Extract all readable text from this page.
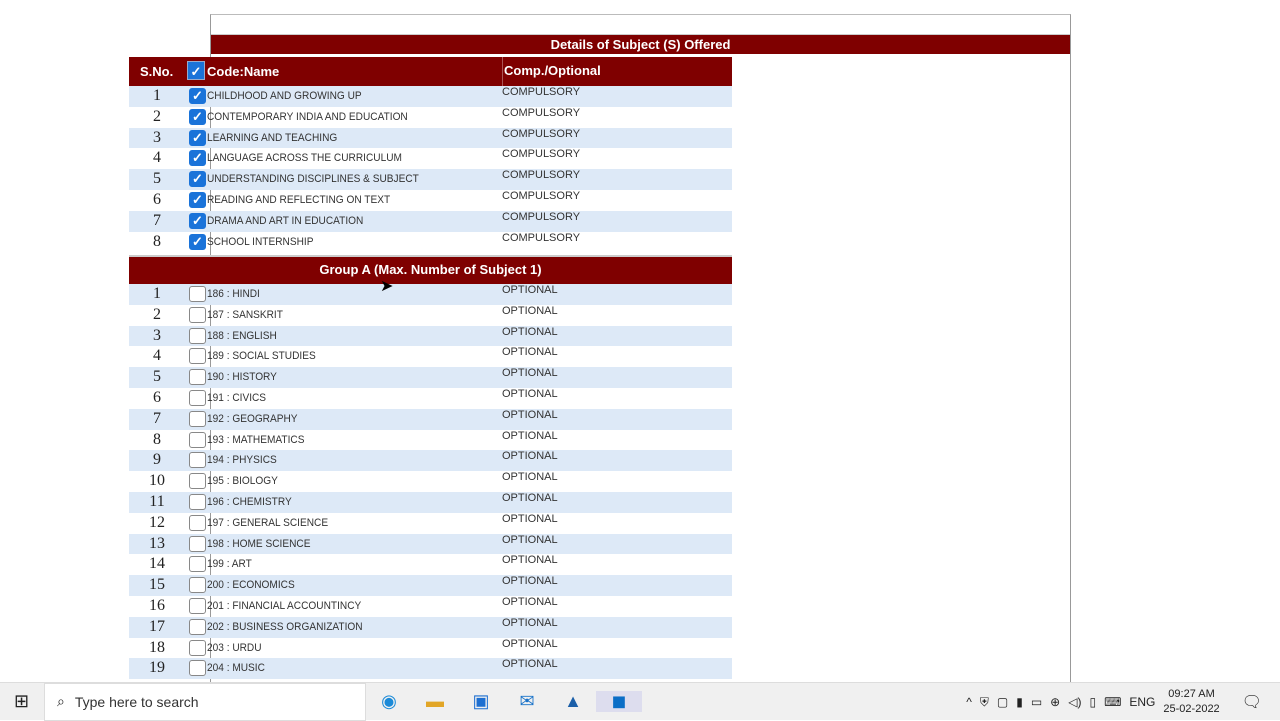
Details of Subject (S) Offered
S.No. ✓ Code:Name	Comp./Optional
1	✓ CHILDHOOD AND GROWING UP	COMPULSORY
2	✓ CONTEMPORARY INDIA AND EDUCATION	COMPULSORY
3	✓ LEARNING AND TEACHING	COMPULSORY
4	✓ LANGUAGE ACROSS THE CURRICULUM	COMPULSORY
5	✓ UNDERSTANDING DISCIPLINES & SUBJECT	COMPULSORY
6	✓ READING AND REFLECTING ON TEXT	COMPULSORY
7	✓ DRAMA AND ART IN EDUCATION	COMPULSORY
8	✓ SCHOOL INTERNSHIP	COMPULSORY
Group A (Max. Number of Subject 1)
1	186 : HINDI	OPTIONAL
2	187 : SANSKRIT	OPTIONAL
3	188 : ENGLISH	OPTIONAL
4	189 : SOCIAL STUDIES	OPTIONAL
5	190 : HISTORY	OPTIONAL
6	191 : CIVICS	OPTIONAL
7	192 : GEOGRAPHY	OPTIONAL
8	193 : MATHEMATICS	OPTIONAL
9	194 : PHYSICS	OPTIONAL
10	195 : BIOLOGY	OPTIONAL
11	196 : CHEMISTRY	OPTIONAL
12	197 : GENERAL SCIENCE	OPTIONAL
13	198 : HOME SCIENCE	OPTIONAL
14	199 : ART	OPTIONAL
15	200 : ECONOMICS	OPTIONAL
16	201 : FINANCIAL ACCOUNTINCY	OPTIONAL
17	202 : BUSINESS ORGANIZATION	OPTIONAL
18	203 : URDU	OPTIONAL
19	204 : MUSIC	OPTIONAL
➤
⊞ ⌕ Type here to search	◉	▬	▣	✉	▲	◼	^ ⛨ ▢ ▮ ▭ ⊕ ◁) ▯ ⌨ ENG
09:27 AM
25-02-2022 🗨
